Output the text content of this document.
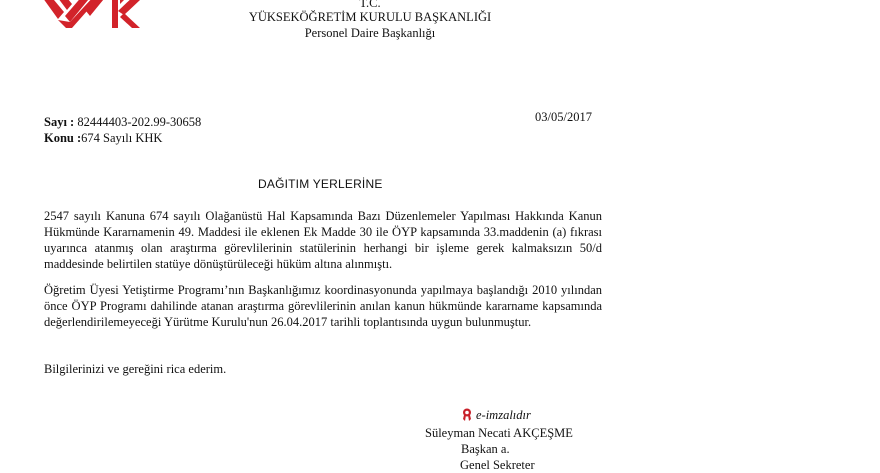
T.C.
YÜKSEKÖĞRETİM KURULU BAŞKANLIĞI
Personel Daire Başkanlığı
Sayı : 82444403-202.99-30658
Konu :674 Sayılı KHK
03/05/2017
DAĞITIM YERLERİNE
2547 sayılı Kanuna 674 sayılı Olağanüstü Hal Kapsamında Bazı Düzenlemeler Yapılması Hakkında Kanun Hükmünde Kararnamenin 49. Maddesi ile eklenen Ek Madde 30 ile ÖYP kapsamında 33.maddenin (a) fıkrası uyarınca atanmış olan araştırma görevlilerinin statülerinin herhangi bir işleme gerek kalmaksızın 50/d maddesinde belirtilen statüye dönüştürüleceği hüküm altına alınmıştı.
Öğretim Üyesi Yetiştirme Programı’nın Başkanlığımız koordinasyonunda yapılmaya başlandığı 2010 yılından önce ÖYP Programı dahilinde atanan araştırma görevlilerinin anılan kanun hükmünde kararname kapsamında değerlendirilemeyeceği Yürütme Kurulu'nun 26.04.2017 tarihli toplantısında uygun bulunmuştur.
Bilgilerinizi ve gereğini rica ederim.
e-imzalıdır
Süleyman Necati AKÇEŞME
Başkan a.
Genel Sekreter
